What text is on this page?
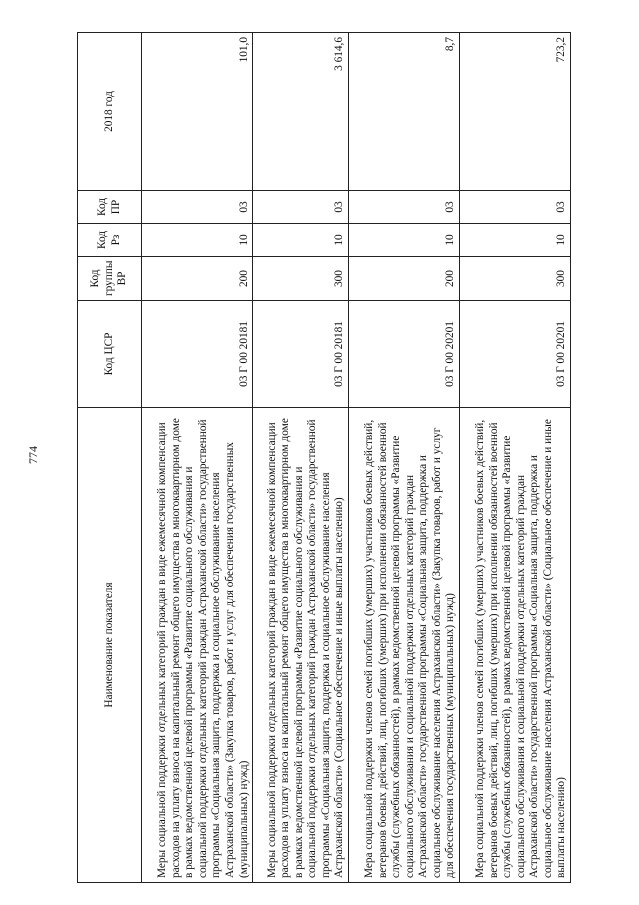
774
Наименование показателя	Код ЦСР	Код группы ВР	Код Рз	Код ПР	2018 год
Меры социальной поддержки отдельных категорий граждан в виде ежемесячной компенсации расходов на уплату взноса на капитальный ремонт общего имущества в многоквартирном доме в рамках ведомственной целевой программы «Развитие социального обслуживания и социальной поддержки отдельных категорий граждан Астраханской области» государственной программы «Социальная защита, поддержка и социальное обслуживание населения Астраханской области» (Закупка товаров, работ и услуг для обеспечения государственных (муниципальных) нужд)	03 Г 00 20181	200	10	03	101,0
Меры социальной поддержки отдельных категорий граждан в виде ежемесячной компенсации расходов на уплату взноса на капитальный ремонт общего имущества в многоквартирном доме в рамках ведомственной целевой программы «Развитие социального обслуживания и социальной поддержки отдельных категорий граждан Астраханской области» государственной программы «Социальная защита, поддержка и социальное обслуживание населения Астраханской области» (Социальное обеспечение и иные выплаты населению)	03 Г 00 20181	300	10	03	3 614,6
Мера социальной поддержки членов семей погибших (умерших) участников боевых действий, ветеранов боевых действий, лиц, погибших (умерших) при исполнении обязанностей военной службы (служебных обязанностей), в рамках ведомственной целевой программы «Развитие социального обслуживания и социальной поддержки отдельных категорий граждан Астраханской области» государственной программы «Социальная защита, поддержка и социальное обслуживание населения Астраханской области» (Закупка товаров, работ и услуг для обеспечения государственных (муниципальных) нужд)	03 Г 00 20201	200	10	03	8,7
Мера социальной поддержки членов семей погибших (умерших) участников боевых действий, ветеранов боевых действий, лиц, погибших (умерших) при исполнении обязанностей военной службы (служебных обязанностей), в рамках ведомственной целевой программы «Развитие социального обслуживания и социальной поддержки отдельных категорий граждан Астраханской области» государственной программы «Социальная защита, поддержка и социальное обслуживание населения Астраханской области» (Социальное обеспечение и иные выплаты населению)	03 Г 00 20201	300	10	03	723,2
